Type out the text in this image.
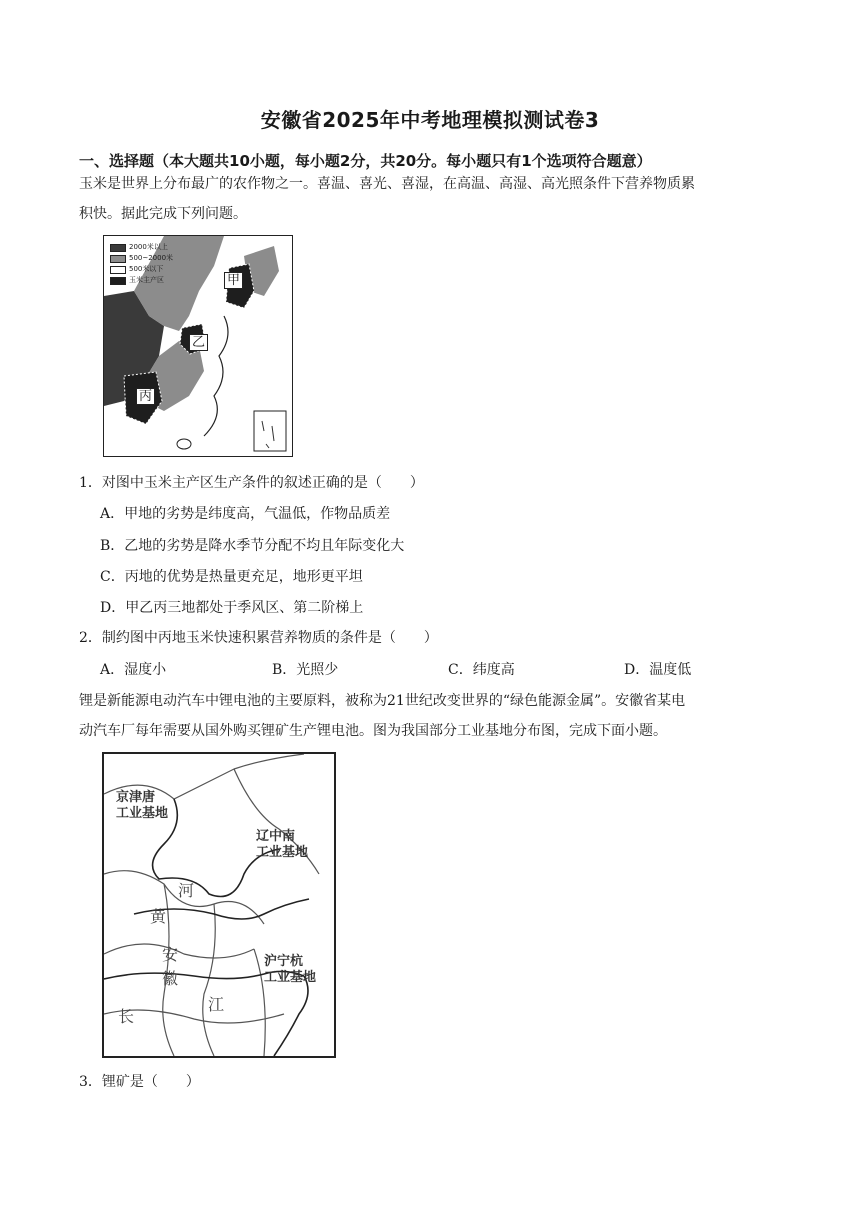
安徽省2025年中考地理模拟测试卷3
一、选择题（本大题共10小题，每小题2分，共20分。每小题只有1个选项符合题意）
玉米是世界上分布最广的农作物之一。喜温、喜光、喜湿，在高温、高湿、高光照条件下营养物质累
积快。据此完成下列问题。
2000米以上
500~2000米
500米以下
玉米主产区	甲
乙
丙
1．对图中玉米主产区生产条件的叙述正确的是（　　）
A．甲地的劣势是纬度高，气温低，作物品质差
B．乙地的劣势是降水季节分配不均且年际变化大
C．丙地的优势是热量更充足，地形更平坦
D．甲乙丙三地都处于季风区、第二阶梯上
2．制约图中丙地玉米快速积累营养物质的条件是（　　）
A．湿度小	B．光照少	C．纬度高	D．温度低
锂是新能源电动汽车中锂电池的主要原料，被称为21世纪改变世界的“绿色能源金属”。安徽省某电
动汽车厂每年需要从国外购买锂矿生产锂电池。图为我国部分工业基地分布图，完成下面小题。
京津唐
工业基地
辽中南
工业基地
沪宁杭
工业基地
河
黄
安
徽
江
长
3．锂矿是（　　）
